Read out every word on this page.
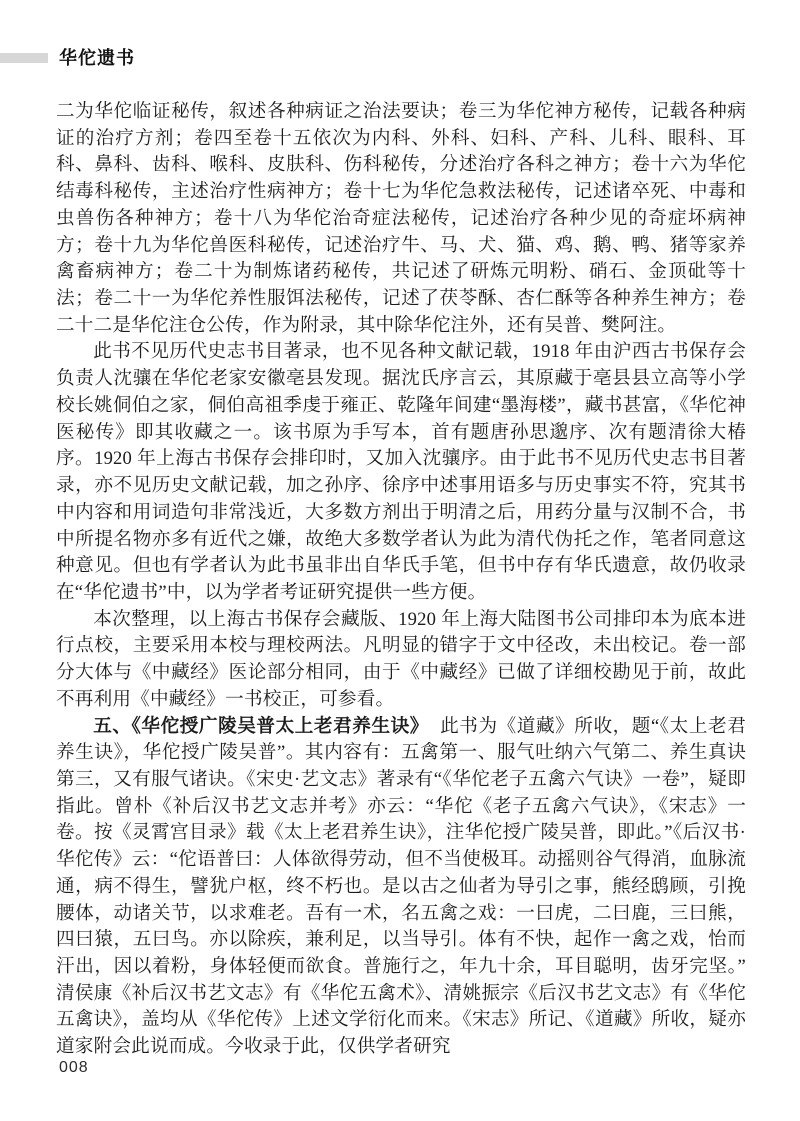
华佗遗书

二为华佗临证秘传，叙述各种病证之治法要诀；卷三为华佗神方秘传，记载各种病证的治疗方剂；卷四至卷十五依次为内科、外科、妇科、产科、儿科、眼科、耳科、鼻科、齿科、喉科、皮肤科、伤科秘传，分述治疗各科之神方；卷十六为华佗结毒科秘传，主述治疗性病神方；卷十七为华佗急救法秘传，记述诸卒死、中毒和虫兽伤各种神方；卷十八为华佗治奇症法秘传，记述治疗各种少见的奇症坏病神方；卷十九为华佗兽医科秘传，记述治疗牛、马、犬、猫、鸡、鹅、鸭、猪等家养禽畜病神方；卷二十为制炼诸药秘传，共记述了研炼元明粉、硝石、金顶砒等十法；卷二十一为华佗养性服饵法秘传，记述了茯苓酥、杏仁酥等各种养生神方；卷二十二是华佗注仓公传，作为附录，其中除华佗注外，还有吴普、樊阿注。

此书不见历代史志书目著录，也不见各种文献记载，1918 年由沪西古书保存会负责人沈骧在华佗老家安徽亳县发现。据沈氏序言云，其原藏于亳县县立高等小学校长姚侗伯之家，侗伯高祖季虔于雍正、乾隆年间建“墨海楼”，藏书甚富，《华佗神医秘传》即其收藏之一。该书原为手写本，首有题唐孙思邈序、次有题清徐大椿序。1920 年上海古书保存会排印时，又加入沈骧序。由于此书不见历代史志书目著录，亦不见历史文献记载，加之孙序、徐序中述事用语多与历史事实不符，究其书中内容和用词造句非常浅近，大多数方剂出于明清之后，用药分量与汉制不合，书中所提名物亦多有近代之嫌，故绝大多数学者认为此为清代伪托之作，笔者同意这种意见。但也有学者认为此书虽非出自华氏手笔，但书中存有华氏遗意，故仍收录在“华佗遗书”中，以为学者考证研究提供一些方便。

本次整理，以上海古书保存会藏版、1920 年上海大陆图书公司排印本为底本进行点校，主要采用本校与理校两法。凡明显的错字于文中径改，未出校记。卷一部分大体与《中藏经》医论部分相同，由于《中藏经》已做了详细校勘见于前，故此不再利用《中藏经》一书校正，可参看。

五、《华佗授广陵吴普太上老君养生诀》 此书为《道藏》所收，题“《太上老君养生诀》，华佗授广陵吴普”。其内容有：五禽第一、服气吐纳六气第二、养生真诀第三，又有服气诸诀。《宋史·艺文志》著录有“《华佗老子五禽六气诀》一卷”，疑即指此。曾朴《补后汉书艺文志并考》亦云：“华佗《老子五禽六气诀》，《宋志》一卷。按《灵霄宫目录》载《太上老君养生诀》，注华佗授广陵吴普，即此。”《后汉书·华佗传》云：“佗语普曰：人体欲得劳动，但不当使极耳。动摇则谷气得消，血脉流通，病不得生，譬犹户枢，终不朽也。是以古之仙者为导引之事，熊经鸱顾，引挽腰体，动诸关节，以求难老。吾有一术，名五禽之戏：一曰虎，二曰鹿，三曰熊，四曰猿，五曰鸟。亦以除疾，兼利足，以当导引。体有不快，起作一禽之戏，怡而汗出，因以着粉，身体轻便而欲食。普施行之，年九十余，耳目聪明，齿牙完坚。”清侯康《补后汉书艺文志》有《华佗五禽术》、清姚振宗《后汉书艺文志》有《华佗五禽诀》，盖均从《华佗传》上述文学衍化而来。《宋志》所记、《道藏》所收，疑亦道家附会此说而成。今收录于此，仅供学者研究

008
